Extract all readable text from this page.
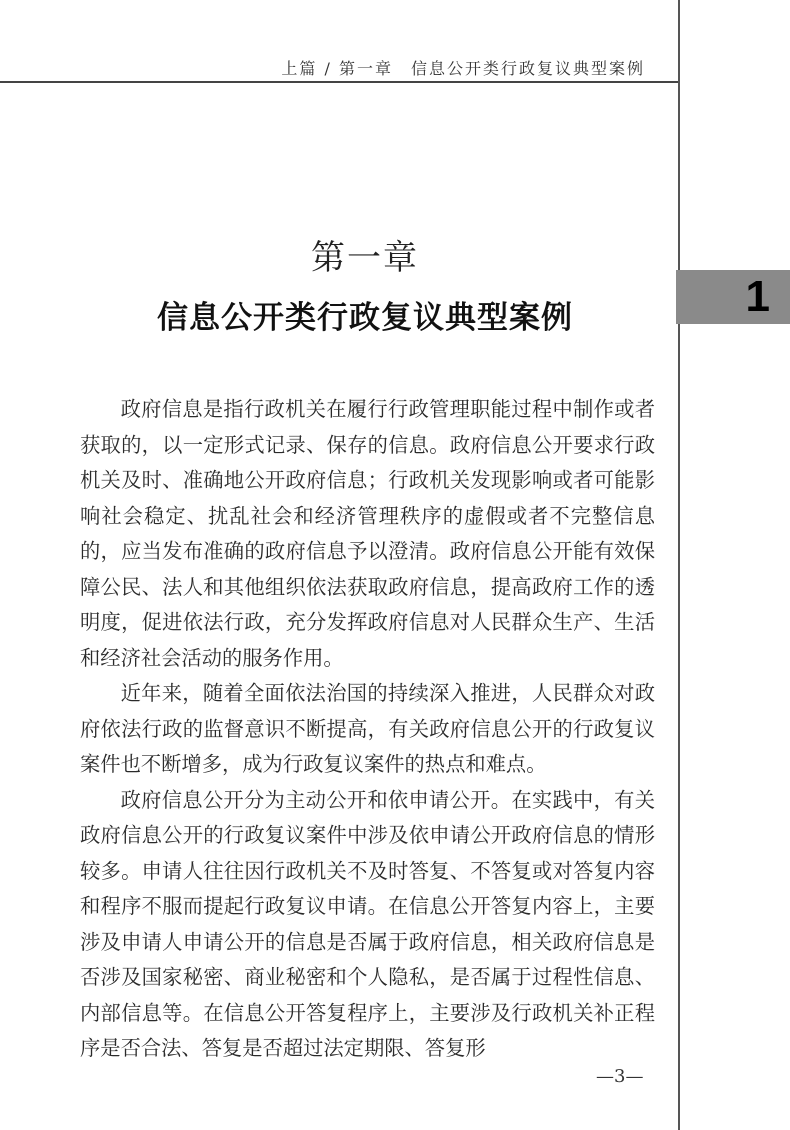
上篇 / 第一章　信息公开类行政复议典型案例
1
第一章
信息公开类行政复议典型案例

政府信息是指行政机关在履行行政管理职能过程中制作或者获取的，以一定形式记录、保存的信息。政府信息公开要求行政机关及时、准确地公开政府信息；行政机关发现影响或者可能影响社会稳定、扰乱社会和经济管理秩序的虚假或者不完整信息的，应当发布准确的政府信息予以澄清。政府信息公开能有效保障公民、法人和其他组织依法获取政府信息，提高政府工作的透明度，促进依法行政，充分发挥政府信息对人民群众生产、生活和经济社会活动的服务作用。

近年来，随着全面依法治国的持续深入推进，人民群众对政府依法行政的监督意识不断提高，有关政府信息公开的行政复议案件也不断增多，成为行政复议案件的热点和难点。

政府信息公开分为主动公开和依申请公开。在实践中，有关政府信息公开的行政复议案件中涉及依申请公开政府信息的情形较多。申请人往往因行政机关不及时答复、不答复或对答复内容和程序不服而提起行政复议申请。在信息公开答复内容上，主要涉及申请人申请公开的信息是否属于政府信息，相关政府信息是否涉及国家秘密、商业秘密和个人隐私，是否属于过程性信息、内部信息等。在信息公开答复程序上，主要涉及行政机关补正程序是否合法、答复是否超过法定期限、答复形

—3—
